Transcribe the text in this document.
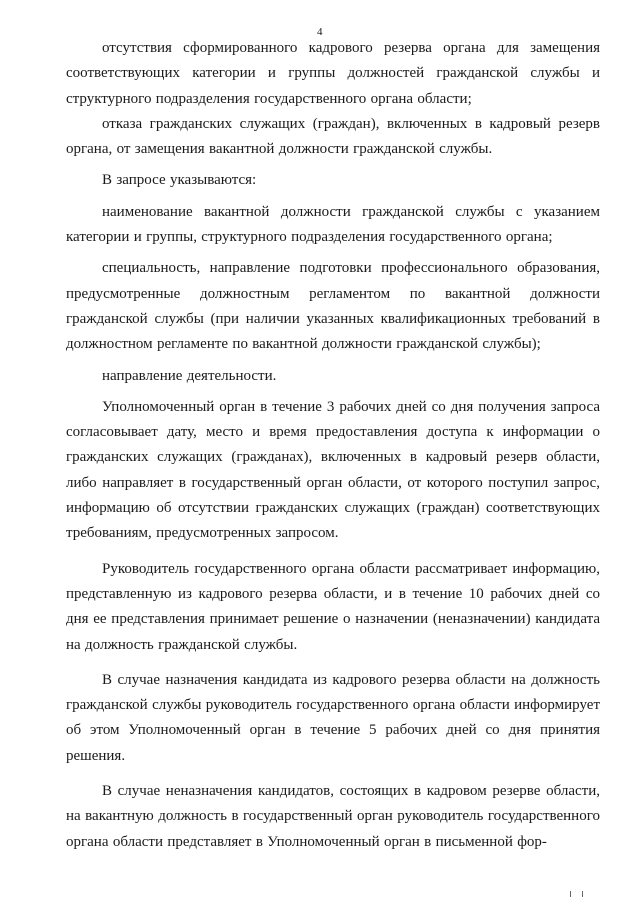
4

отсутствия сформированного кадрового резерва органа для замещения соответствующих категории и группы должностей гражданской службы и структурного подразделения государственного органа области;

отказа гражданских служащих (граждан), включенных в кадровый резерв органа, от замещения вакантной должности гражданской службы.

В запросе указываются:

наименование вакантной должности гражданской службы с указанием категории и группы, структурного подразделения государственного органа;

специальность, направление подготовки профессионального образования, предусмотренные должностным регламентом по вакантной должности гражданской службы (при наличии указанных квалификационных требований в должностном регламенте по вакантной должности гражданской службы);

направление деятельности.

Уполномоченный орган в течение 3 рабочих дней со дня получения запроса согласовывает дату, место и время предоставления доступа к информации о гражданских служащих (гражданах), включенных в кадровый резерв области, либо направляет в государственный орган области, от которого поступил запрос, информацию об отсутствии гражданских служащих (граждан) соответствующих требованиям, предусмотренных запросом.

Руководитель государственного органа области рассматривает информацию, представленную из кадрового резерва области, и в течение 10 рабочих дней со дня ее представления принимает решение о назначении (неназначении) кандидата на должность гражданской службы.

В случае назначения кандидата из кадрового резерва области на должность гражданской службы руководитель государственного органа области информирует об этом Уполномоченный орган в течение 5 рабочих дней со дня принятия решения.

В случае неназначения кандидатов, состоящих в кадровом резерве области, на вакантную должность в государственный орган руководитель государственного органа области представляет в Уполномоченный орган в письменной фор-
